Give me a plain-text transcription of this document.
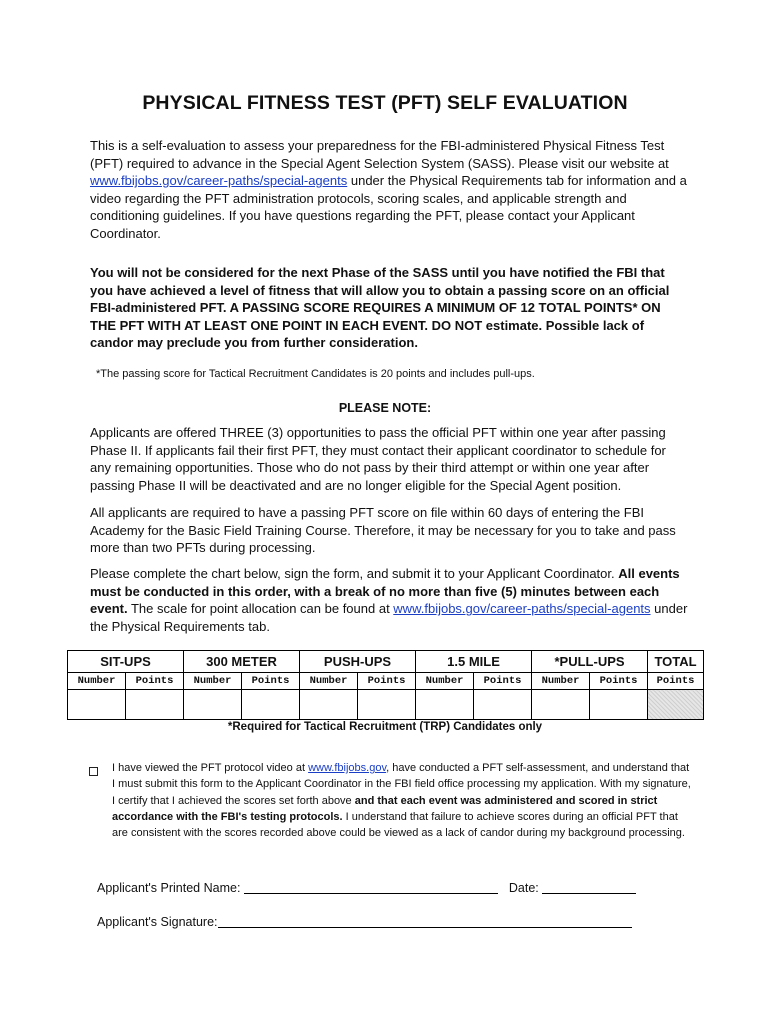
PHYSICAL FITNESS TEST (PFT) SELF EVALUATION
This is a self-evaluation to assess your preparedness for the FBI-administered Physical Fitness Test (PFT) required to advance in the Special Agent Selection System (SASS). Please visit our website at www.fbijobs.gov/career-paths/special-agents under the Physical Requirements tab for information and a video regarding the PFT administration protocols, scoring scales, and applicable strength and conditioning guidelines. If you have questions regarding the PFT, please contact your Applicant Coordinator.
You will not be considered for the next Phase of the SASS until you have notified the FBI that you have achieved a level of fitness that will allow you to obtain a passing score on an official FBI-administered PFT. A PASSING SCORE REQUIRES A MINIMUM OF 12 TOTAL POINTS* ON THE PFT WITH AT LEAST ONE POINT IN EACH EVENT. DO NOT estimate. Possible lack of candor may preclude you from further consideration.
*The passing score for Tactical Recruitment Candidates is 20 points and includes pull-ups.
PLEASE NOTE:
Applicants are offered THREE (3) opportunities to pass the official PFT within one year after passing Phase II. If applicants fail their first PFT, they must contact their applicant coordinator to schedule for any remaining opportunities. Those who do not pass by their third attempt or within one year after passing Phase II will be deactivated and are no longer eligible for the Special Agent position.
All applicants are required to have a passing PFT score on file within 60 days of entering the FBI Academy for the Basic Field Training Course. Therefore, it may be necessary for you to take and pass more than two PFTs during processing.
Please complete the chart below, sign the form, and submit it to your Applicant Coordinator. All events must be conducted in this order, with a break of no more than five (5) minutes between each event. The scale for point allocation can be found at www.fbijobs.gov/career-paths/special-agents under the Physical Requirements tab.
SIT-UPS		300 METER		PUSH-UPS		1.5 MILE		*PULL-UPS		TOTAL
Number	Points	Number	Points	Number	Points	Number	Points	Number	Points	Points

*Required for Tactical Recruitment (TRP) Candidates only
I have viewed the PFT protocol video at www.fbijobs.gov, have conducted a PFT self-assessment, and understand that I must submit this form to the Applicant Coordinator in the FBI field office processing my application. With my signature, I certify that I achieved the scores set forth above and that each event was administered and scored in strict accordance with the FBI's testing protocols. I understand that failure to achieve scores during an official PFT that are consistent with the scores recorded above could be viewed as a lack of candor during my background processing.
Applicant's Printed Name:	Date:
Applicant's Signature:
